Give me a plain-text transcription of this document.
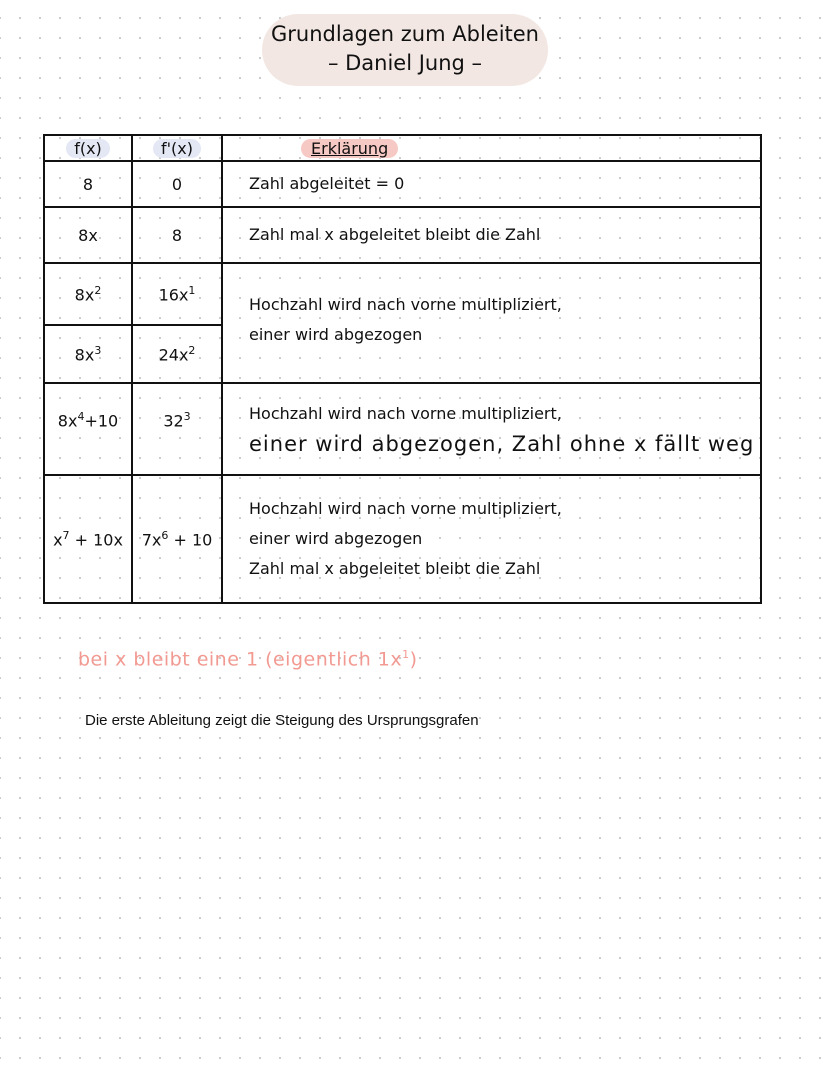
Grundlagen zum Ableiten
– Daniel Jung –
f(x)	f'(x)	Erklärung
8	0	Zahl abgeleitet = 0
8x	8	Zahl mal x abgeleitet bleibt die Zahl
$8x^2$	$16x^1$	Hochzahl wird nach vorne multipliziert,
einer wird abgezogen

$8x^3$	$24x^2$
$8x^4+10$	$32^3$	Hochzahl wird nach vorne multipliziert,
einer wird abgezogen, Zahl ohne x fällt weg

$x^7 + 10x$	$7x^6 + 10$	Hochzahl wird nach vorne multipliziert,
einer wird abgezogen
Zahl mal x abgeleitet bleibt die Zahl
bei x bleibt eine 1 (eigentlich $1x^1$)
Die erste Ableitung zeigt die Steigung des Ursprungsgrafen
